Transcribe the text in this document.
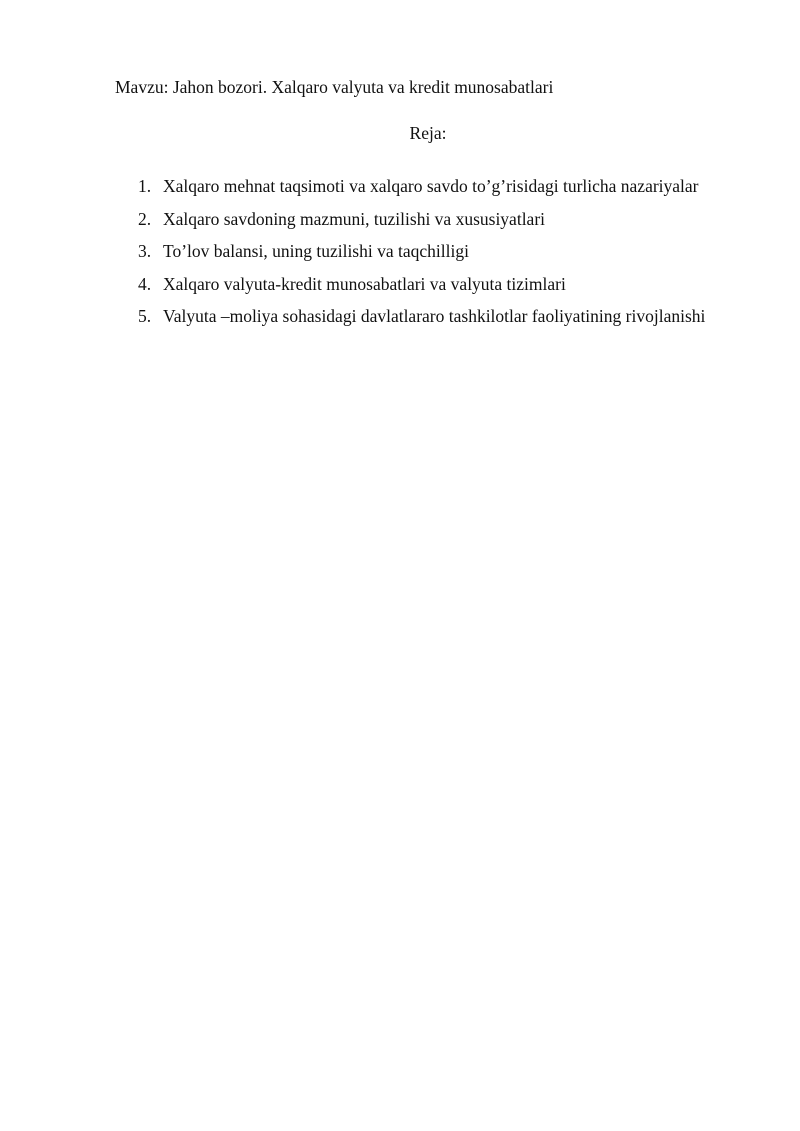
Mavzu: Jahon bozori. Xalqaro valyuta va kredit munosabatlari
Reja:
1. Xalqaro mehnat taqsimoti va xalqaro savdo to’g’risidagi turlicha nazariyalar
2. Xalqaro savdoning mazmuni, tuzilishi va xususiyatlari
3. To’lov balansi, uning tuzilishi va taqchilligi
4. Xalqaro valyuta-kredit munosabatlari va valyuta tizimlari
5. Valyuta –moliya sohasidagi davlatlararo tashkilotlar faoliyatining rivojlanishi
